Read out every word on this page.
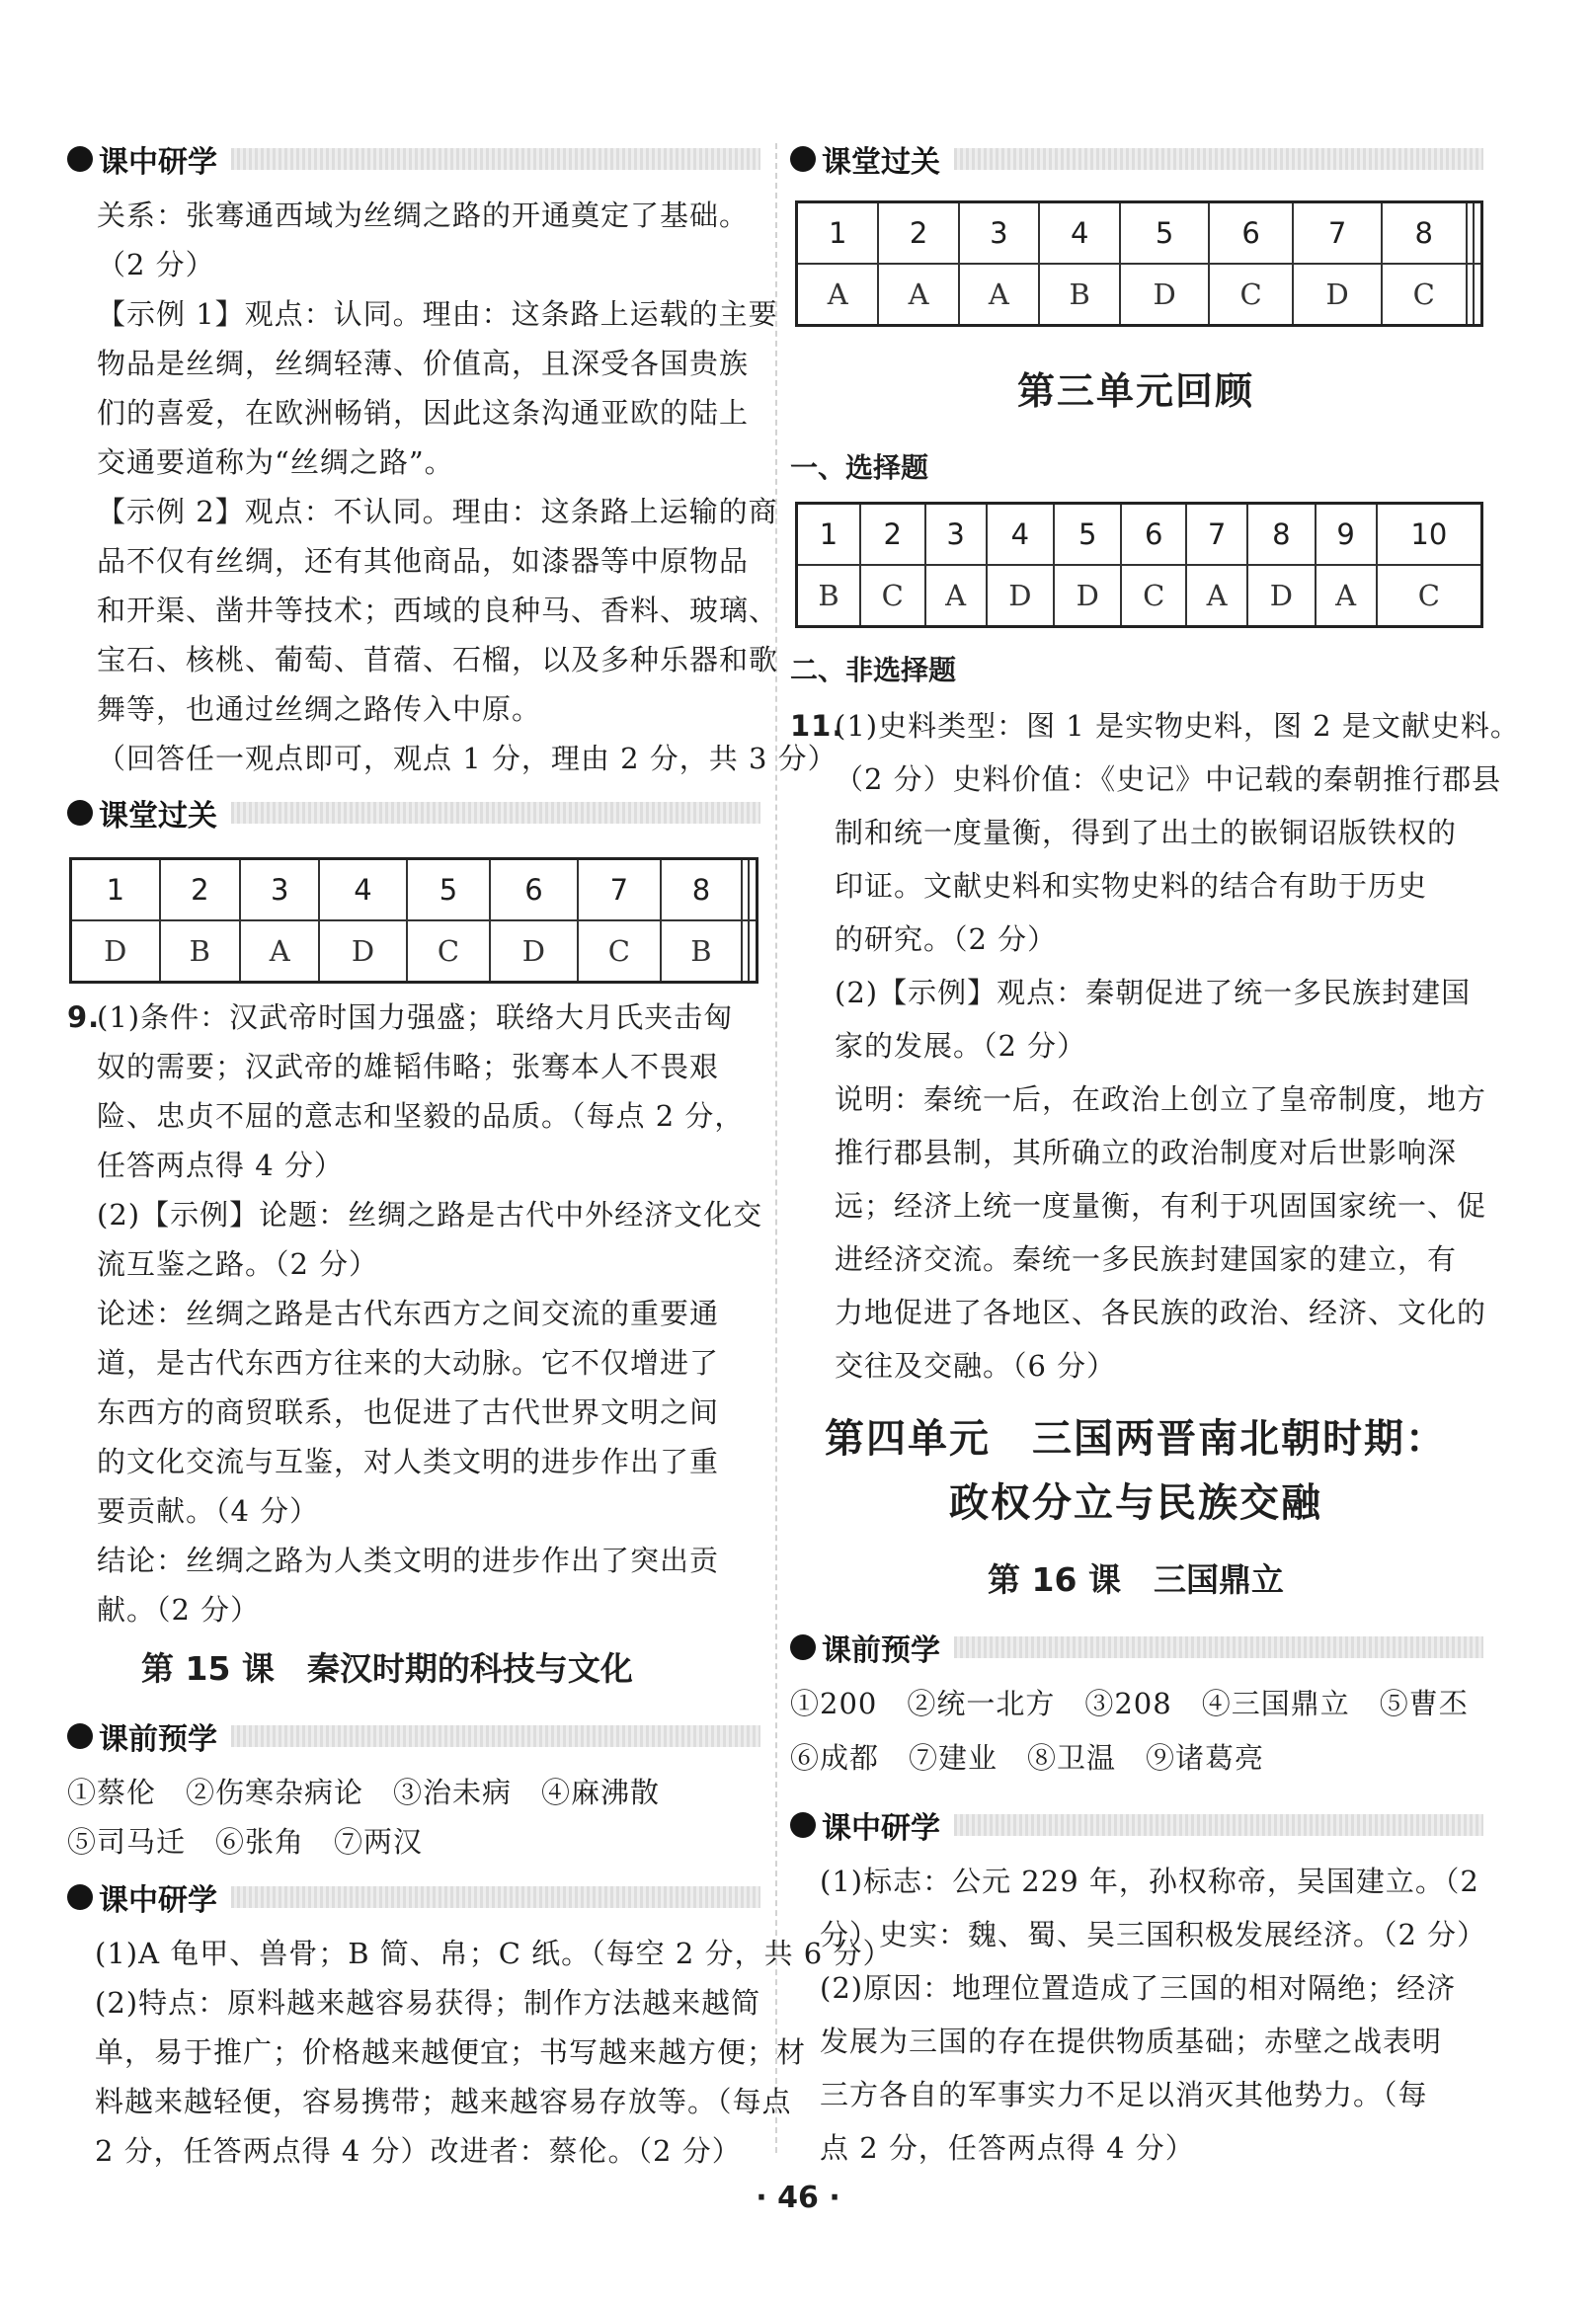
课中研学
关系：张骞通西域为丝绸之路的开通奠定了基础。
（2 分）
【示例 1】观点：认同。理由：这条路上运载的主要
物品是丝绸，丝绸轻薄、价值高，且深受各国贵族
们的喜爱，在欧洲畅销，因此这条沟通亚欧的陆上
交通要道称为“丝绸之路”。
【示例 2】观点：不认同。理由：这条路上运输的商
品不仅有丝绸，还有其他商品，如漆器等中原物品
和开渠、凿井等技术；西域的良种马、香料、玻璃、
宝石、核桃、葡萄、苜蓿、石榴，以及多种乐器和歌
舞等，也通过丝绸之路传入中原。
（回答任一观点即可，观点 1 分，理由 2 分，共 3 分）
课堂过关
1	2	3	4	5	6	7	8		
D	B	A	D	C	D	C	B		
9.
(1)条件：汉武帝时国力强盛；联络大月氏夹击匈
奴的需要；汉武帝的雄韬伟略；张骞本人不畏艰
险、忠贞不屈的意志和坚毅的品质。（每点 2 分，
任答两点得 4 分）
(2)【示例】论题：丝绸之路是古代中外经济文化交
流互鉴之路。（2 分）
论述：丝绸之路是古代东西方之间交流的重要通
道，是古代东西方往来的大动脉。它不仅增进了
东西方的商贸联系，也促进了古代世界文明之间
的文化交流与互鉴，对人类文明的进步作出了重
要贡献。（4 分）
结论：丝绸之路为人类文明的进步作出了突出贡
献。（2 分）
第 15 课　秦汉时期的科技与文化
课前预学
①蔡伦　②伤寒杂病论　③治未病　④麻沸散
⑤司马迁　⑥张角　⑦两汉
课中研学
(1)A 龟甲、兽骨；B 简、帛；C 纸。（每空 2 分，共 6 分）
(2)特点：原料越来越容易获得；制作方法越来越简
单，易于推广；价格越来越便宜；书写越来越方便；材
料越来越轻便，容易携带；越来越容易存放等。（每点
2 分，任答两点得 4 分）改进者：蔡伦。（2 分）
课堂过关
1	2	3	4	5	6	7	8		
A	A	A	B	D	C	D	C		
第三单元回顾
一、选择题
1	2	3	4	5	6	7	8	9	10
B	C	A	D	D	C	A	D	A	C
二、非选择题
11.
(1)史料类型：图 1 是实物史料，图 2 是文献史料。
（2 分）史料价值：《史记》中记载的秦朝推行郡县
制和统一度量衡，得到了出土的嵌铜诏版铁权的
印证。文献史料和实物史料的结合有助于历史
的研究。（2 分）
(2)【示例】观点：秦朝促进了统一多民族封建国
家的发展。（2 分）
说明：秦统一后，在政治上创立了皇帝制度，地方
推行郡县制，其所确立的政治制度对后世影响深
远；经济上统一度量衡，有利于巩固国家统一、促
进经济交流。秦统一多民族封建国家的建立，有
力地促进了各地区、各民族的政治、经济、文化的
交往及交融。（6 分）
第四单元　三国两晋南北朝时期：
政权分立与民族交融
第 16 课　三国鼎立
课前预学
①200　②统一北方　③208　④三国鼎立　⑤曹丕
⑥成都　⑦建业　⑧卫温　⑨诸葛亮
课中研学
(1)标志：公元 229 年，孙权称帝，吴国建立。（2
分）史实：魏、蜀、吴三国积极发展经济。（2 分）
(2)原因：地理位置造成了三国的相对隔绝；经济
发展为三国的存在提供物质基础；赤壁之战表明
三方各自的军事实力不足以消灭其他势力。（每
点 2 分，任答两点得 4 分）
· 46 ·
